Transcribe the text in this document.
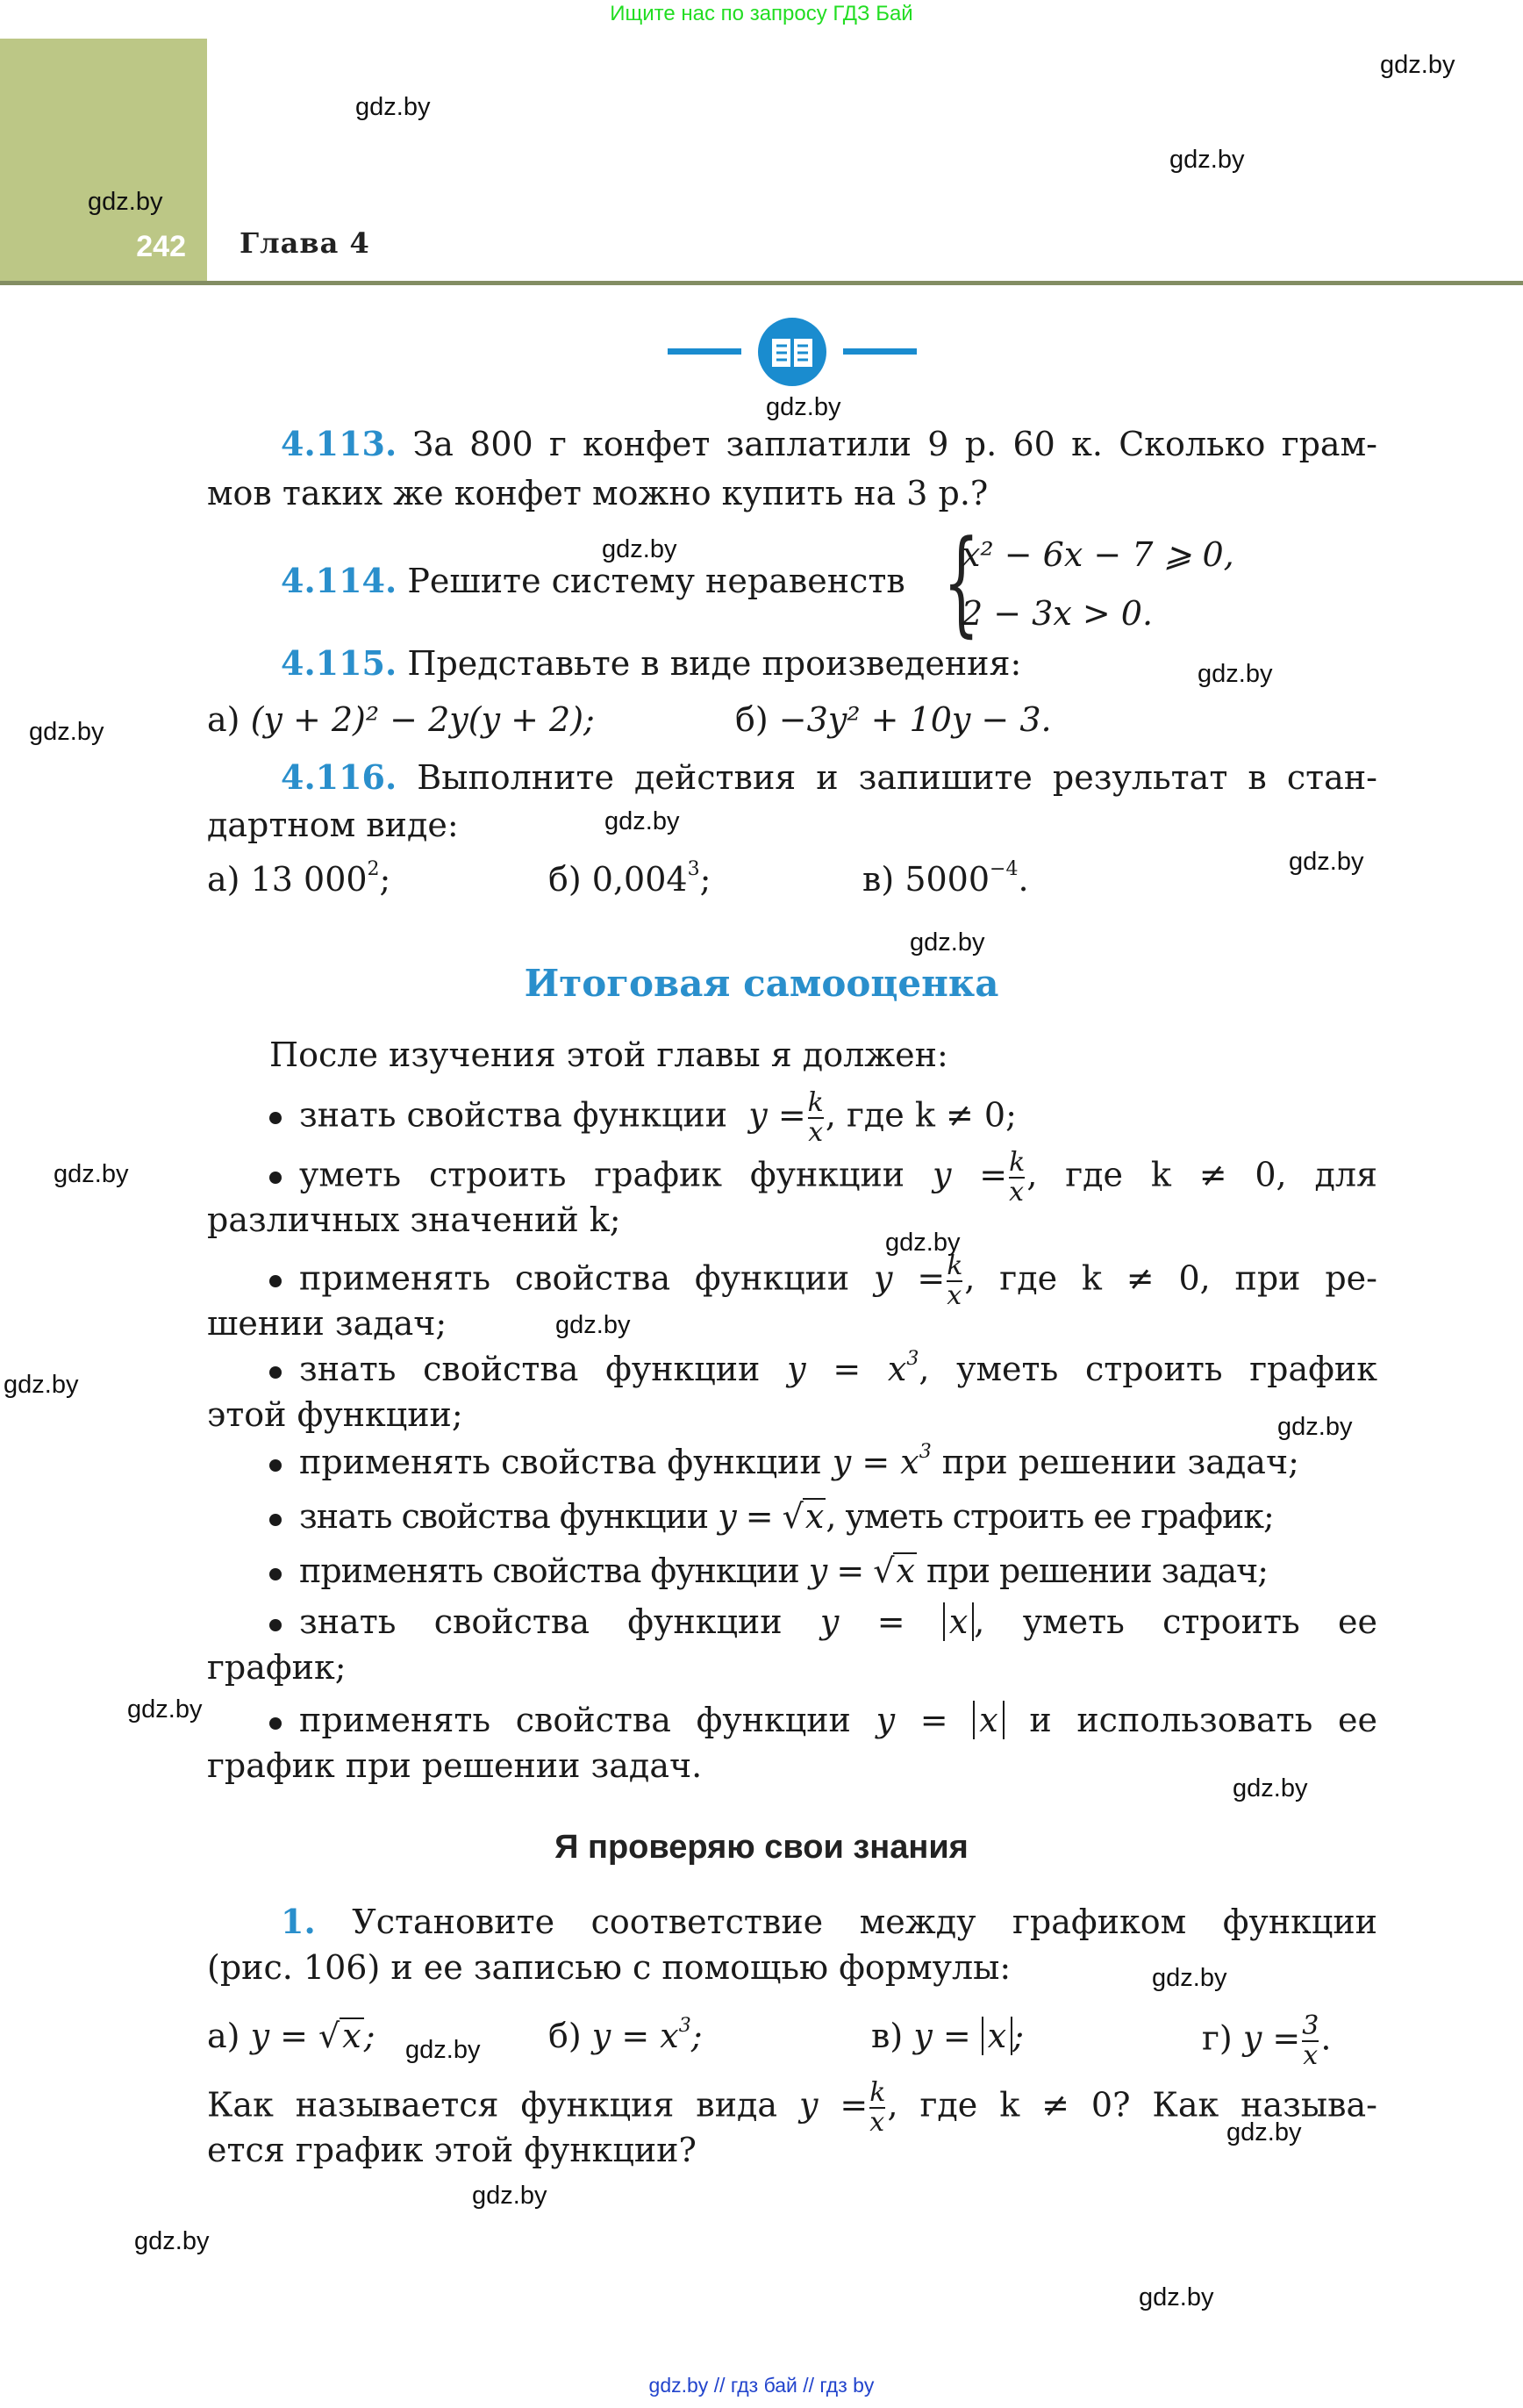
Ищите нас по запросу ГДЗ Бай
242 Глава 4
4.113. За 800 г конфет заплатили 9 р. 60 к. Сколько грам-
мов таких же конфет можно купить на 3 р.?
4.114. Решите систему неравенств {
x² − 6x − 7 ⩾ 0,
2 − 3x > 0.
4.115. Представьте в виде произведения:
а) (y + 2)² − 2y(y + 2);	б) −3y² + 10y − 3.
4.116. Выполните действия и запишите результат в стан-
дартном виде:
а) 13 $000^2$;	б) 0,004$^3$;	в) $5000^{-4}$.
Итоговая самооценка
После изучения этой главы я должен:
знать свойства функции  $y = \frac{k}{x}$ , где k ≠ 0;
уметь строить график функции $y = \frac{k}{x}$ , где k ≠ 0, для
различных значений k;
применять свойства функции $y = \frac{k}{x}$ , где k ≠ 0, при ре-
шении задач;
знать свойства функции $y = x^3$, уметь строить график
этой функции;
применять свойства функции $y = x^3$ при решении задач;
знать свойства функции y = √x, уметь строить ее график;
применять свойства функции y = √x при решении задач;
знать свойства функции y = x , уметь строить ее
график;
применять свойства функции y = x и использовать ее
график при решении задач.
Я проверяю свои знания
1. Установите соответствие между графиком функции
(рис. 106) и ее записью с помощью формулы:
а) y = √x;	б) $y = x^3$;	в) y = x ;	г) $y = \frac{3}{x}$ .
Как называется функция вида $y = \frac{k}{x}$ , где k ≠ 0? Как называ-
ется график этой функции?
gdz.by
gdz.by
gdz.by
gdz.by
gdz.by
gdz.by
gdz.by
gdz.by
gdz.by
gdz.by
gdz.by
gdz.by
gdz.by
gdz.by
gdz.by
gdz.by
gdz.by
gdz.by
gdz.by
gdz.by
gdz.by
gdz.by
gdz.by
gdz.by
gdz.by // гдз бай // гдз by
